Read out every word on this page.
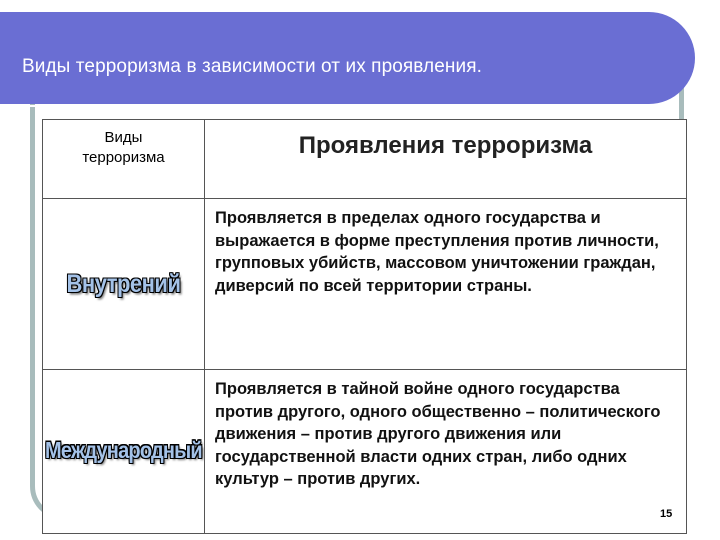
Виды терроризма в зависимости от их проявления.
Виды терроризма	Проявления терроризма
Внутрений	Проявляется в пределах одного государства и выражается в форме преступления против личности, групповых убийств, массовом уничтожении граждан, диверсий по всей территории страны.
Международный	Проявляется в тайной войне одного государства против другого, одного общественно – политического движения – против другого движения или государственной власти одних стран, либо одних культур – против других.
15
